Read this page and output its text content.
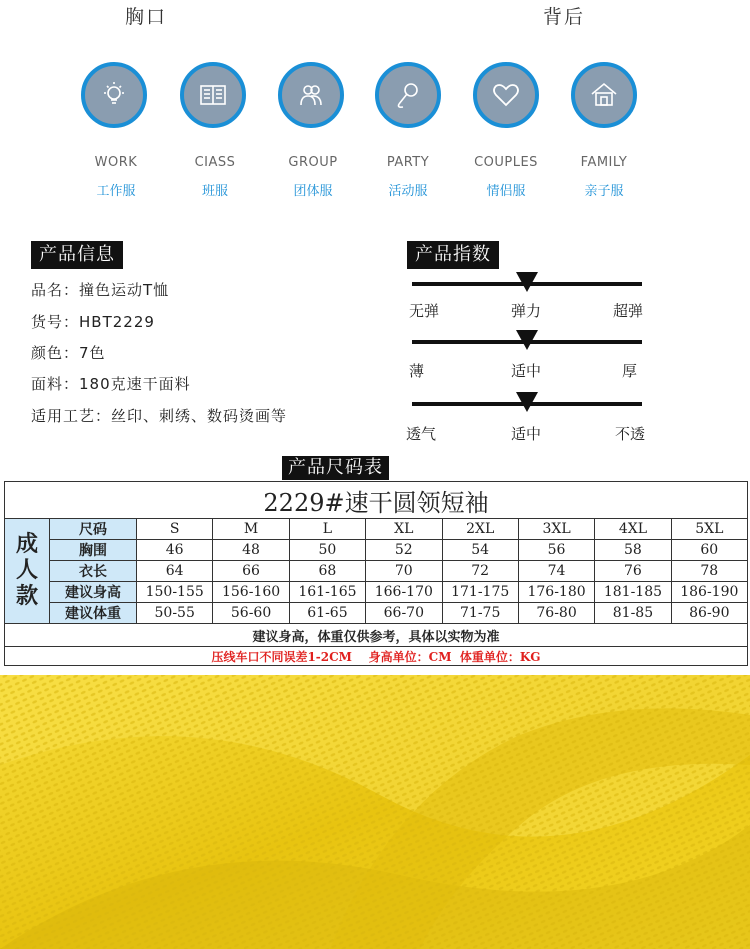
胸口	背后
WORK	CIASS	GROUP	PARTY	COUPLES	FAMILY
工作服	班服	团体服	活动服	情侣服	亲子服
产品信息
品名：撞色运动T恤
货号：HBT2229
颜色：7色
面料：180克速干面料
适用工艺：丝印、刺绣、数码烫画等
产品指数
无弹	弹力	超弹
薄	适中	厚
透气	适中	不透
产品尺码表
2229#速干圆领短袖									
成人款	尺码	S	M	L	XL	2XL	3XL	4XL	5XL
	胸围	46	48	50	52	54	56	58	60
	衣长	64	66	68	70	72	74	76	78
	建议身高	150-155	156-160	161-165	166-170	171-175	176-180	181-185	186-190
	建议体重	50-55	56-60	61-65	66-70	71-75	76-80	81-85	86-90
建议身高，体重仅供参考，具体以实物为准									
压线车口不同误差1-2CM    身高单位：CM  体重单位：KG									
